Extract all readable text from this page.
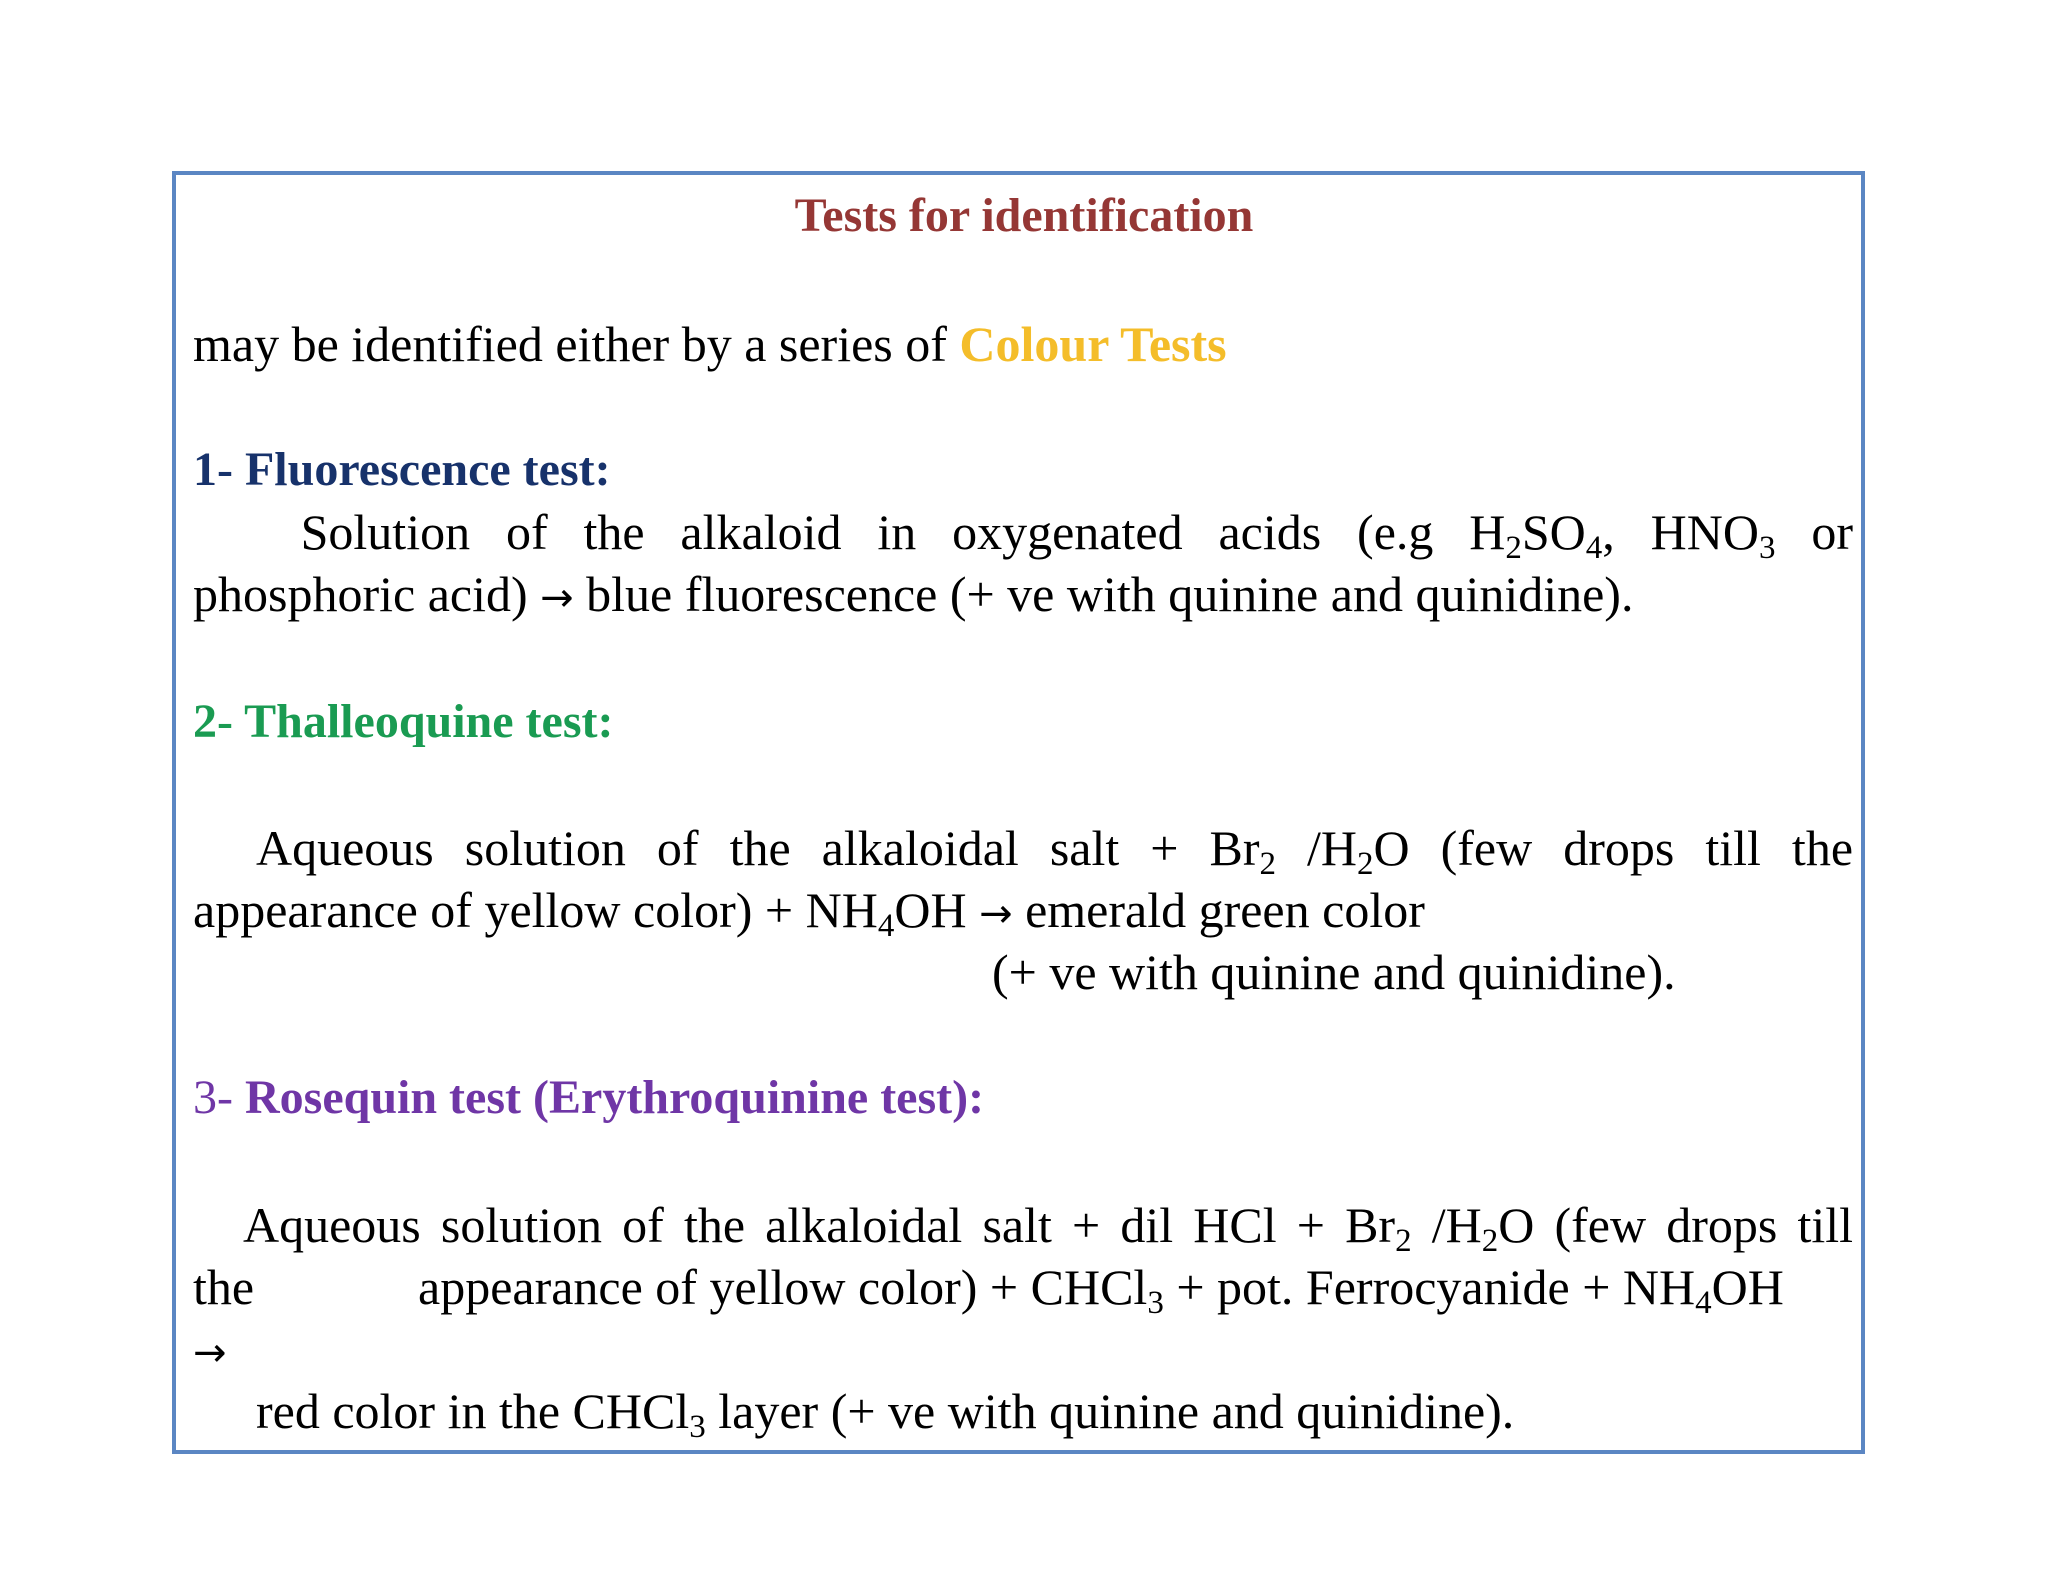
Tests for identification

may be identified either by a series of Colour Tests

1- Fluorescence test:

Solution of the alkaloid in oxygenated acids (e.g $H_2SO_4$, $HNO_3$ or

phosphoric acid) → blue fluorescence (+ ve with quinine and quinidine).

2- Thalleoquine test:

Aqueous solution of the alkaloidal salt + $Br_2$ $/H_2O$ (few drops till the

appearance of yellow color) + $NH_4OH$ → emerald green color

(+ ve with quinine and quinidine).

3- Rosequin test (Erythroquinine test):

Aqueous solution of the alkaloidal salt + dil HCl + $Br_2$ $/H_2O$ (few drops till

the	appearance of yellow color) + CHCl$_3$ + pot. Ferrocyanide + $NH_4OH$

→

red color in the CHCl$_3$ layer (+ ve with quinine and quinidine).
